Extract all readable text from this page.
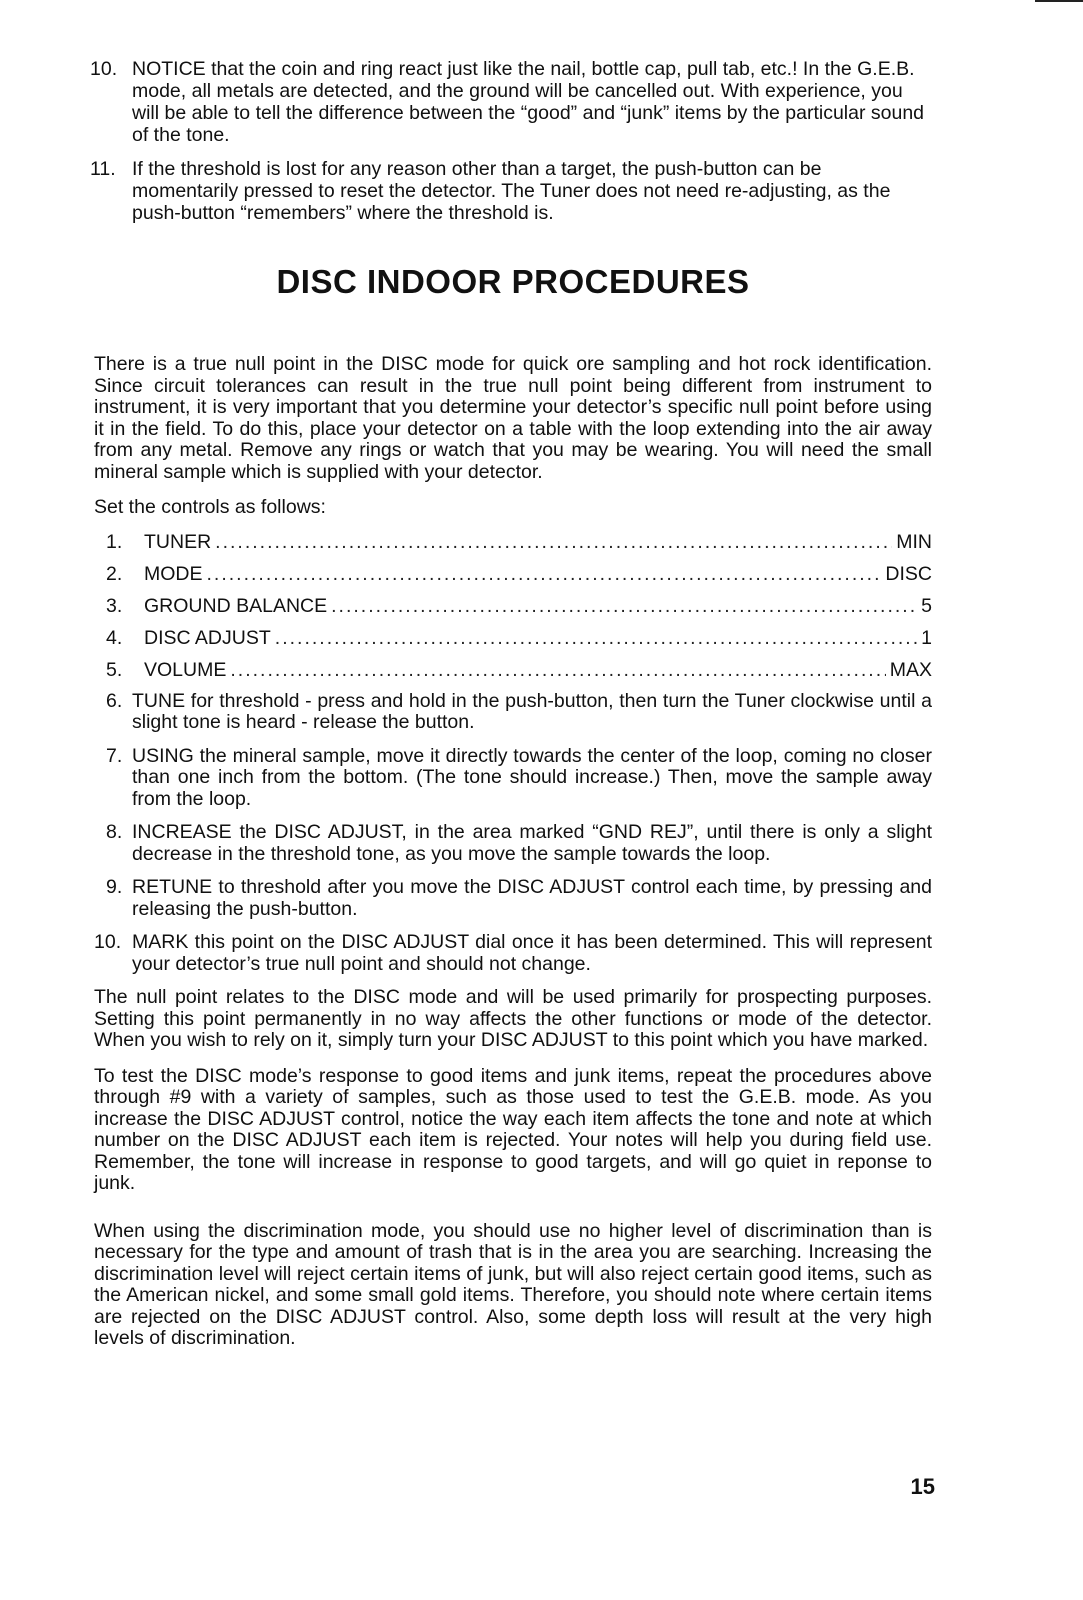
10. NOTICE that the coin and ring react just like the nail, bottle cap, pull tab, etc.! In the G.E.B. mode, all metals are detected, and the ground will be cancelled out. With experience, you will be able to tell the difference between the “good” and “junk” items by the particular sound of the tone.
11. If the threshold is lost for any reason other than a target, the push-button can be momentarily pressed to reset the detector. The Tuner does not need re-adjusting, as the push-button “remembers” where the threshold is.
DISC INDOOR PROCEDURES

There is a true null point in the DISC mode for quick ore sampling and hot rock identification. Since circuit tolerances can result in the true null point being different from instrument to instrument, it is very important that you determine your detector’s specific null point before using it in the field. To do this, place your detector on a table with the loop extending into the air away from any metal. Remove any rings or watch that you may be wearing. You will need the small mineral sample which is supplied with your detector.

Set the controls as follows:

1.	TUNER .....	MIN
2.	MODE .....	DISC
3.	GROUND BALANCE .....	5
4.	DISC ADJUST .....	1
5.	VOLUME .....	MAX
6. TUNE for threshold - press and hold in the push-button, then turn the Tuner clockwise until a slight tone is heard - release the button.
7. USING the mineral sample, move it directly towards the center of the loop, coming no closer than one inch from the bottom. (The tone should increase.) Then, move the sample away from the loop.
8. INCREASE the DISC ADJUST, in the area marked “GND REJ”, until there is only a slight decrease in the threshold tone, as you move the sample towards the loop.
9. RETUNE to threshold after you move the DISC ADJUST control each time, by pressing and releasing the push-button.
10. MARK this point on the DISC ADJUST dial once it has been determined. This will represent your detector’s true null point and should not change.

The null point relates to the DISC mode and will be used primarily for prospecting purposes. Setting this point permanently in no way affects the other functions or mode of the detector. When you wish to rely on it, simply turn your DISC ADJUST to this point which you have marked.

To test the DISC mode’s response to good items and junk items, repeat the procedures above through #9 with a variety of samples, such as those used to test the G.E.B. mode. As you increase the DISC ADJUST control, notice the way each item affects the tone and note at which number on the DISC ADJUST each item is rejected. Your notes will help you during field use. Remember, the tone will increase in response to good targets, and will go quiet in reponse to junk.

When using the discrimination mode, you should use no higher level of discrimination than is necessary for the type and amount of trash that is in the area you are searching. Increasing the discrimination level will reject certain items of junk, but will also reject certain good items, such as the American nickel, and some small gold items. Therefore, you should note where certain items are rejected on the DISC ADJUST control. Also, some depth loss will result at the very high levels of discrimination.

15
